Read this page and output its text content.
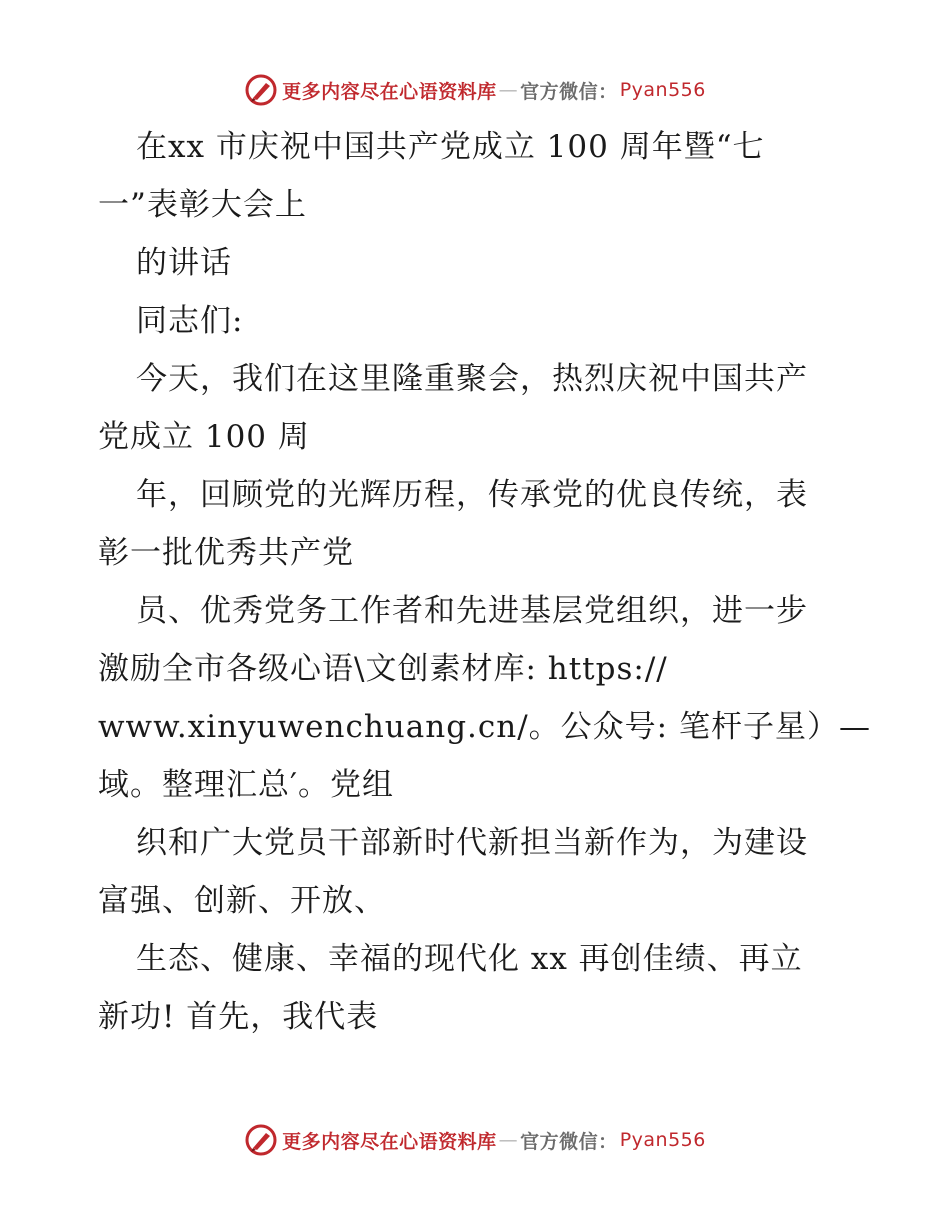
更多内容尽在心语资料库 — 官方微信： Pyan556
在xx 市庆祝中国共产党成立 100 周年暨“七
一”表彰大会上
的讲话
同志们:
今天，我们在这里隆重聚会，热烈庆祝中国共产
党成立 100 周
年，回顾党的光辉历程，传承党的优良传统，表
彰一批优秀共产党
员、优秀党务工作者和先进基层党组织，进一步
激励全市各级心语\文创素材库: https://
www.xinyuwenchuang.cn/。公众号: 笔杆子星）—
域。整理汇总′。党组
织和广大党员干部新时代新担当新作为，为建设
富强、创新、开放、
生态、健康、幸福的现代化 xx 再创佳绩、再立
新功! 首先，我代表
更多内容尽在心语资料库 — 官方微信： Pyan556
